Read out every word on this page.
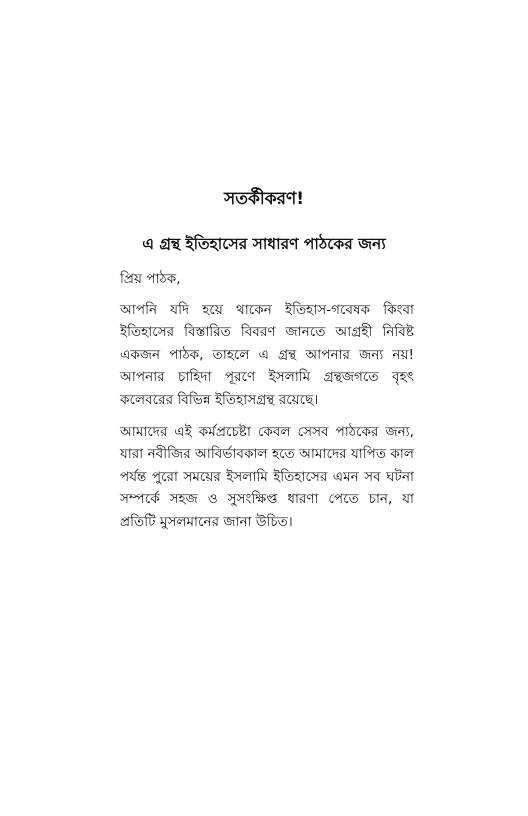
সতর্কীকরণ!
এ গ্রন্থ ইতিহাসের সাধারণ পাঠকের জন্য

প্রিয় পাঠক,

আপনি যদি হয়ে থাকেন ইতিহাস-গবেষক কিংবা ইতিহাসের বিস্তারিত বিবরণ জানতে আগ্রহী নিবিষ্ট একজন পাঠক, তাহলে এ গ্রন্থ আপনার জন্য নয়! আপনার চাহিদা পূরণে ইসলামি গ্রন্থজগতে বৃহৎ কলেবরের বিভিন্ন ইতিহাসগ্রন্থ রয়েছে।

আমাদের এই কর্মপ্রচেষ্টা কেবল সেসব পাঠকের জন্য, যারা নবীজির আবির্ভাবকাল হতে আমাদের যাপিত কাল পর্যন্ত পুরো সময়ের ইসলামি ইতিহাসের এমন সব ঘটনা সম্পর্কে সহজ ও সুসংক্ষিপ্ত ধারণা পেতে চান, যা প্রতিটি মুসলমানের জানা উচিত।
